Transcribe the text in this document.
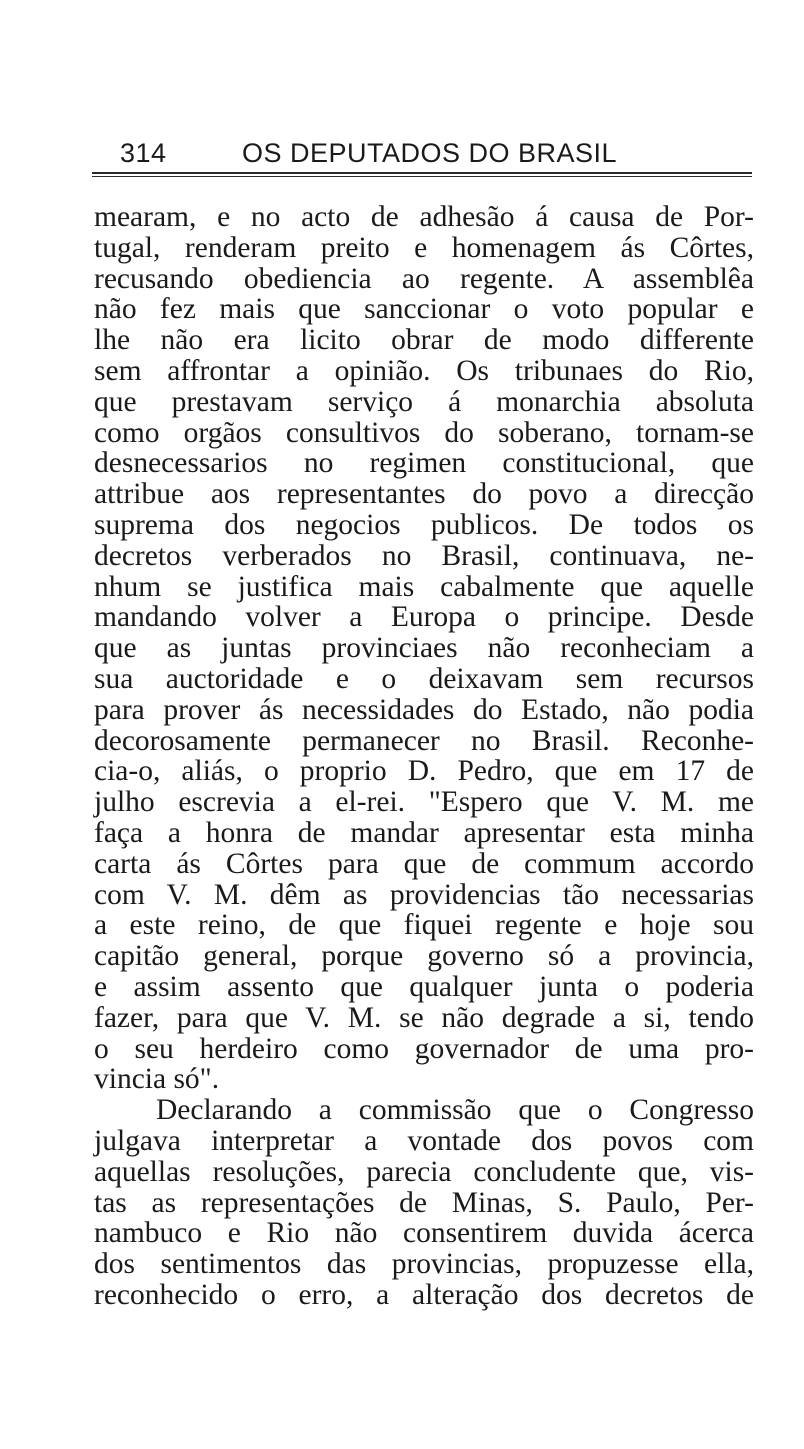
314	OS DEPUTADOS DO BRASIL
mearam, e no acto de adhesão á causa de Por-
tugal, renderam preito e homenagem ás Côrtes,
recusando obediencia ao regente. A assemblêa
não fez mais que sanccionar o voto popular e
lhe não era licito obrar de modo differente
sem affrontar a opinião. Os tribunaes do Rio,
que prestavam serviço á monarchia absoluta
como orgãos consultivos do soberano, tornam-se
desnecessarios no regimen constitucional, que
attribue aos representantes do povo a direcção
suprema dos negocios publicos. De todos os
decretos verberados no Brasil, continuava, ne-
nhum se justifica mais cabalmente que aquelle
mandando volver a Europa o principe. Desde
que as juntas provinciaes não reconheciam a
sua auctoridade e o deixavam sem recursos
para prover ás necessidades do Estado, não podia
decorosamente permanecer no Brasil. Reconhe-
cia-o, aliás, o proprio D. Pedro, que em 17 de
julho escrevia a el-rei. "Espero que V. M. me
faça a honra de mandar apresentar esta minha
carta ás Côrtes para que de commum accordo
com V. M. dêm as providencias tão necessarias
a este reino, de que fiquei regente e hoje sou
capitão general, porque governo só a provincia,
e assim assento que qualquer junta o poderia
fazer, para que V. M. se não degrade a si, tendo
o seu herdeiro como governador de uma pro-
vincia só".
Declarando a commissão que o Congresso
julgava interpretar a vontade dos povos com
aquellas resoluções, parecia concludente que, vis-
tas as representações de Minas, S. Paulo, Per-
nambuco e Rio não consentirem duvida ácerca
dos sentimentos das provincias, propuzesse ella,
reconhecido o erro, a alteração dos decretos de
